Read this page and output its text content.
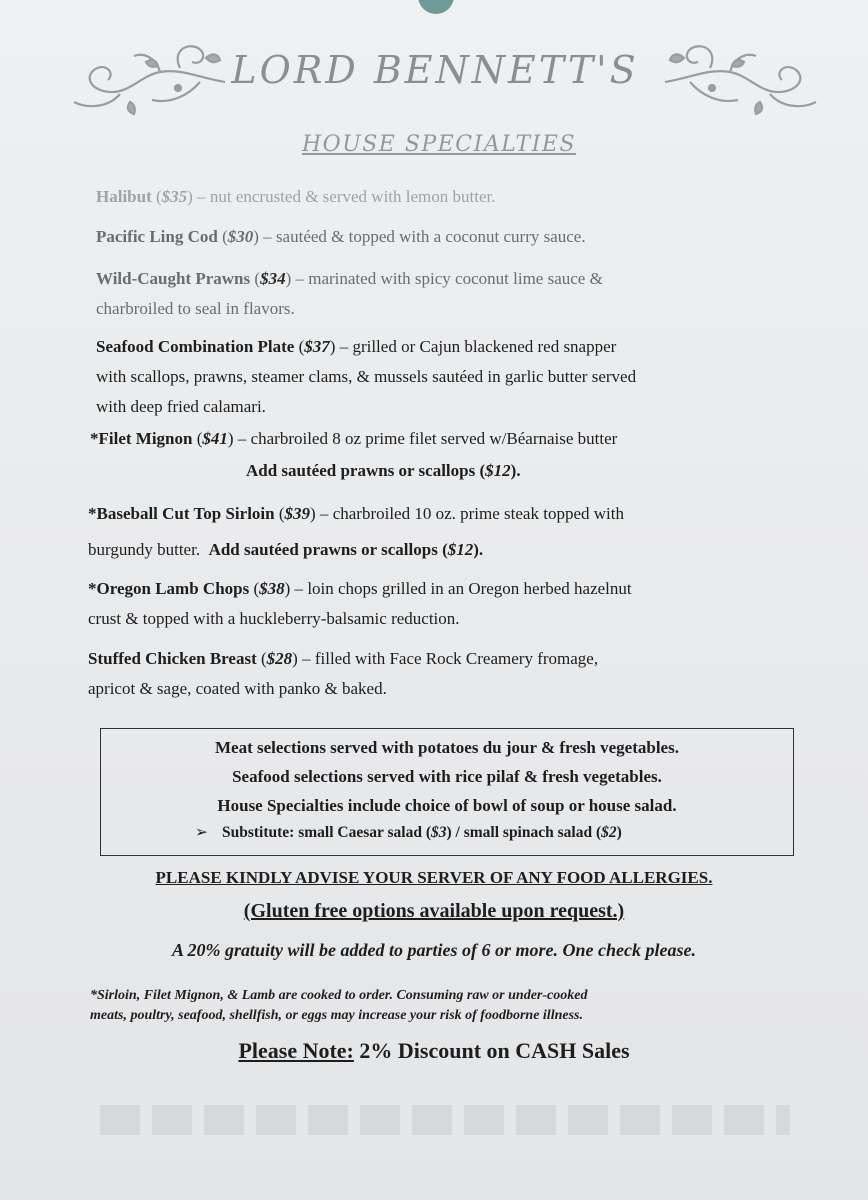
LORD BENNETT'S
HOUSE SPECIALTIES
Halibut ($35) – nut encrusted & served with lemon butter.
Pacific Ling Cod ($30) – sautéed & topped with a coconut curry sauce.
Wild-Caught Prawns ($34) – marinated with spicy coconut lime sauce &
charbroiled to seal in flavors.
Seafood Combination Plate ($37) – grilled or Cajun blackened red snapper
with scallops, prawns, steamer clams, & mussels sautéed in garlic butter served
with deep fried calamari.
*Filet Mignon ($41) – charbroiled 8 oz prime filet served w/Béarnaise butter
Add sautéed prawns or scallops ($12).
*Baseball Cut Top Sirloin ($39) – charbroiled 10 oz. prime steak topped with
burgundy butter. Add sautéed prawns or scallops ($12).
*Oregon Lamb Chops ($38) – loin chops grilled in an Oregon herbed hazelnut
crust & topped with a huckleberry-balsamic reduction.
Stuffed Chicken Breast ($28) – filled with Face Rock Creamery fromage,
apricot & sage, coated with panko & baked.
Meat selections served with potatoes du jour & fresh vegetables.
Seafood selections served with rice pilaf & fresh vegetables.
House Specialties include choice of bowl of soup or house salad.
➢ Substitute: small Caesar salad ($3) / small spinach salad ($2)
PLEASE KINDLY ADVISE YOUR SERVER OF ANY FOOD ALLERGIES.
(Gluten free options available upon request.)
A 20% gratuity will be added to parties of 6 or more. One check please.
*Sirloin, Filet Mignon, & Lamb are cooked to order. Consuming raw or under-cooked
meats, poultry, seafood, shellfish, or eggs may increase your risk of foodborne illness.
Please Note: 2% Discount on CASH Sales
